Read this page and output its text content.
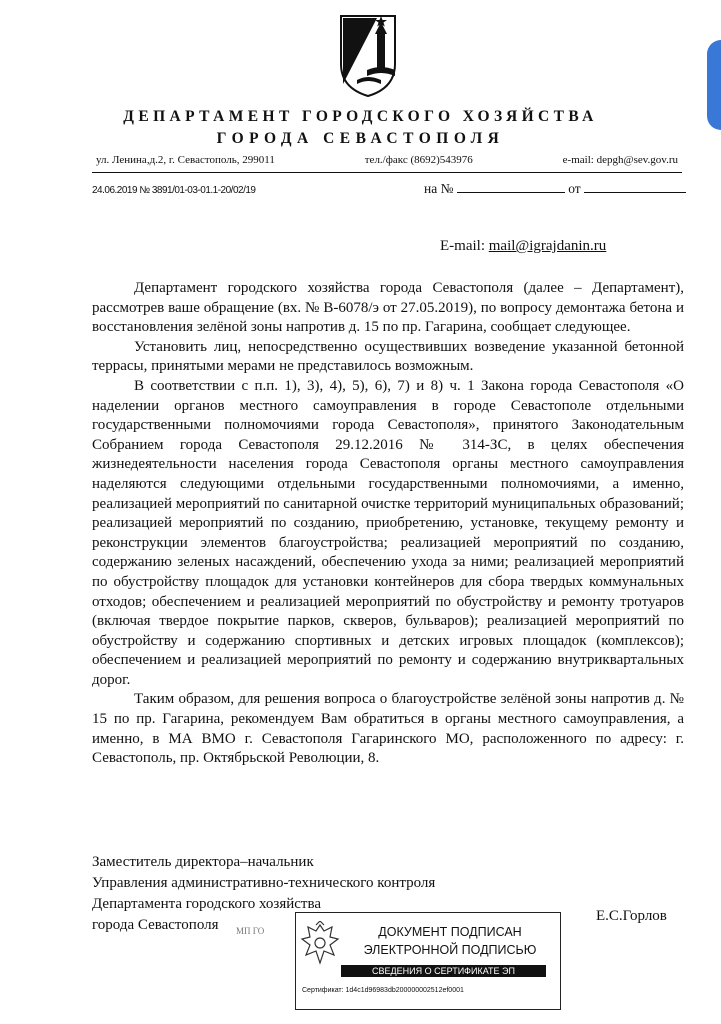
ДЕПАРТАМЕНТ ГОРОДСКОГО ХОЗЯЙСТВА
ГОРОДА СЕВАСТОПОЛЯ
ул. Ленина,д.2, г. Севастополь, 299011	тел./факс (8692)543976	e-mail: depgh@sev.gov.ru
24.06.2019 № 3891/01-03-01.1-20/02/19	на №	от
E-mail: mail@igrajdanin.ru

Департамент городского хозяйства города Севастополя (далее – Департамент), рассмотрев ваше обращение (вх. № В-6078/э от 27.05.2019), по вопросу демонтажа бетона и восстановления зелёной зоны напротив д. 15 по пр. Гагарина, сообщает следующее.

Установить лиц, непосредственно осуществивших возведение указанной бетонной террасы, принятыми мерами не представилось возможным.

В соответствии с п.п. 1), 3), 4), 5), 6), 7) и 8) ч. 1 Закона города Севастополя «О наделении органов местного самоуправления в городе Севастополе отдельными государственными полномочиями города Севастополя», принятого Законодательным Собранием города Севастополя 29.12.2016 № 314-ЗС, в целях обеспечения жизнедеятельности населения города Севастополя органы местного самоуправления наделяются следующими отдельными государственными полномочиями, а именно, реализацией мероприятий по санитарной очистке территорий муниципальных образований; реализацией мероприятий по созданию, приобретению, установке, текущему ремонту и реконструкции элементов благоустройства; реализацией мероприятий по созданию, содержанию зеленых насаждений, обеспечению ухода за ними; реализацией мероприятий по обустройству площадок для установки контейнеров для сбора твердых коммунальных отходов; обеспечением и реализацией мероприятий по обустройству и ремонту тротуаров (включая твердое покрытие парков, скверов, бульваров); реализацией мероприятий по обустройству и содержанию спортивных и детских игровых площадок (комплексов); обеспечением и реализацией мероприятий по ремонту и содержанию внутриквартальных дорог.

Таким образом, для решения вопроса о благоустройстве зелёной зоны напротив д. № 15 по пр. Гагарина, рекомендуем Вам обратиться в органы местного самоуправления, а именно, в МА ВМО г. Севастополя Гагаринского МО, расположенного по адресу: г. Севастополь, пр. Октябрьской Революции, 8.

Заместитель директора–начальник
Управления административно-технического контроля
Департамента городского хозяйства
города Севастополя
Е.С.Горлов
МП ГО	ДОКУМЕНТ ПОДПИСАН
ЭЛЕКТРОННОЙ ПОДПИСЬЮ
СВЕДЕНИЯ О СЕРТИФИКАТЕ ЭП
Сертификат: 1d4c1d96983db200000002512ef0001
